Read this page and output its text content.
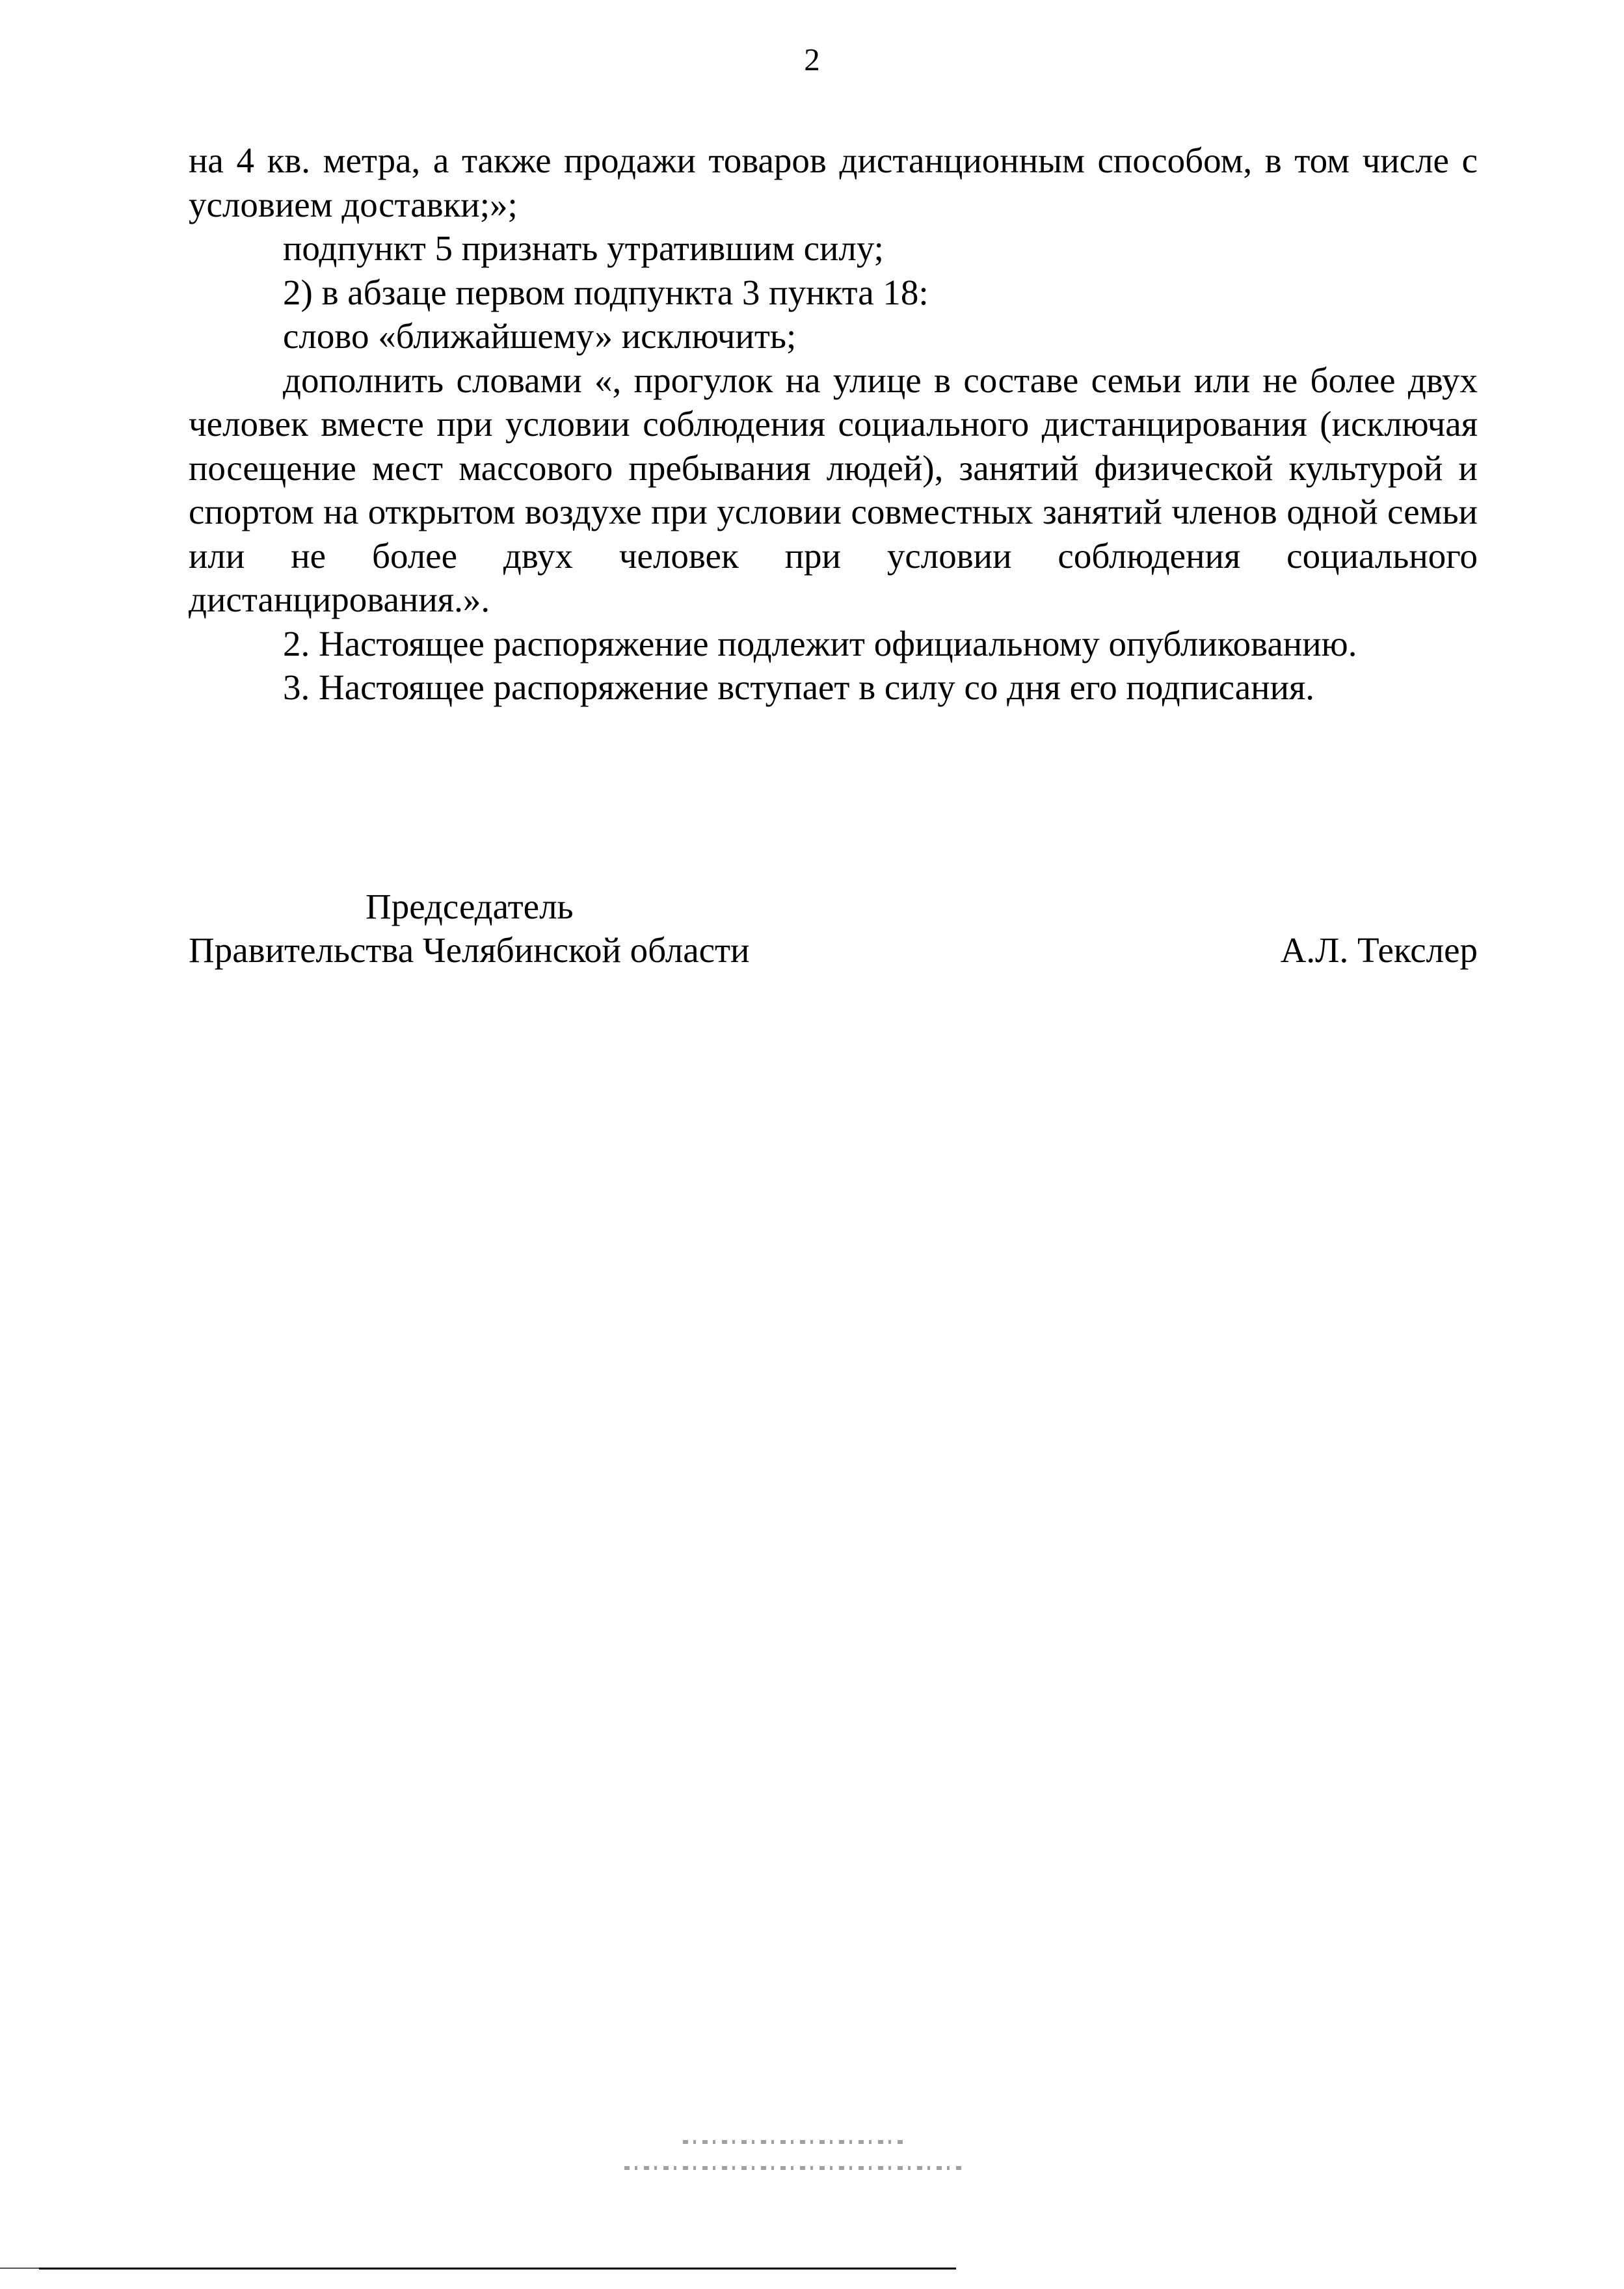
2

на 4 кв. метра, а также продажи товаров дистанционным способом, в том числе с условием доставки;»;

подпункт 5 признать утратившим силу;

2) в абзаце первом подпункта 3 пункта 18:

слово «ближайшему» исключить;

дополнить словами «, прогулок на улице в составе семьи или не более двух человек вместе при условии соблюдения социального дистанцирования (исключая посещение мест массового пребывания людей), занятий физической культурой и спортом на открытом воздухе при условии совместных занятий членов одной семьи или не более двух человек при условии соблюдения социального дистанцирования.».

2. Настоящее распоряжение подлежит официальному опубликованию.

3. Настоящее распоряжение вступает в силу со дня его подписания.

Председатель
Правительства Челябинской области	А.Л. Текслер
